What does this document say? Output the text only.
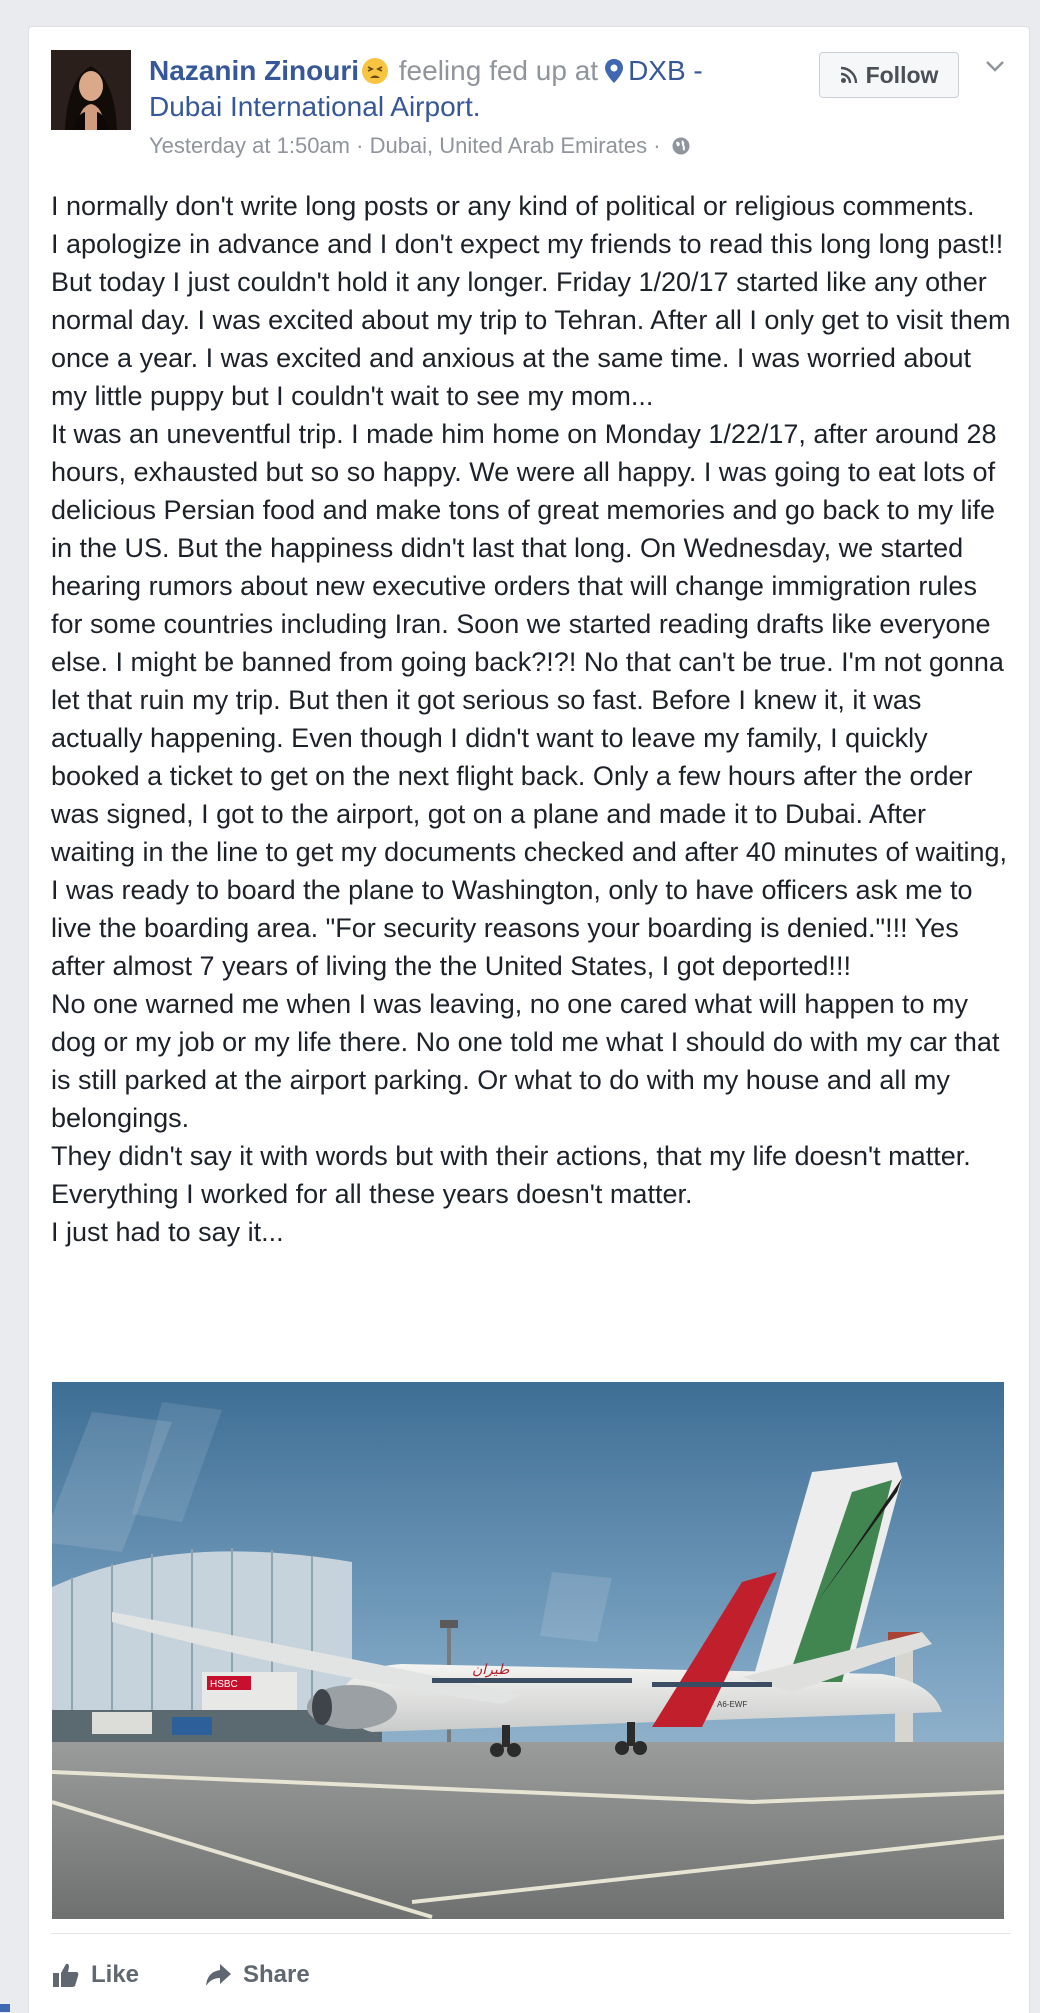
Nazanin Zinouri feeling fed up at DXB - Dubai International Airport.
Yesterday at 1:50am · Dubai, United Arab Emirates ·
Follow

I normally don't write long posts or any kind of political or religious comments.

I apologize in advance and I don't expect my friends to read this long long past!!

But today I just couldn't hold it any longer. Friday 1/20/17 started like any other normal day. I was excited about my trip to Tehran. After all I only get to visit them once a year. I was excited and anxious at the same time. I was worried about my little puppy but I couldn't wait to see my mom...

It was an uneventful trip. I made him home on Monday 1/22/17, after around 28 hours, exhausted but so so happy. We were all happy. I was going to eat lots of delicious Persian food and make tons of great memories and go back to my life in the US. But the happiness didn't last that long. On Wednesday, we started hearing rumors about new executive orders that will change immigration rules for some countries including Iran. Soon we started reading drafts like everyone else. I might be banned from going back?!?! No that can't be true. I'm not gonna let that ruin my trip. But then it got serious so fast. Before I knew it, it was actually happening. Even though I didn't want to leave my family, I quickly booked a ticket to get on the next flight back. Only a few hours after the order was signed, I got to the airport, got on a plane and made it to Dubai. After waiting in the line to get my documents checked and after 40 minutes of waiting, I was ready to board the plane to Washington, only to have officers ask me to live the boarding area. "For security reasons your boarding is denied."!!! Yes after almost 7 years of living the the United States, I got deported!!!

No one warned me when I was leaving, no one cared what will happen to my dog or my job or my life there. No one told me what I should do with my car that is still parked at the airport parking. Or what to do with my house and all my belongings.

They didn't say it with words but with their actions, that my life doesn't matter. Everything I worked for all these years doesn't matter.

I just had to say it...

HSBC
طيران
A6-EWF
Like	Share
